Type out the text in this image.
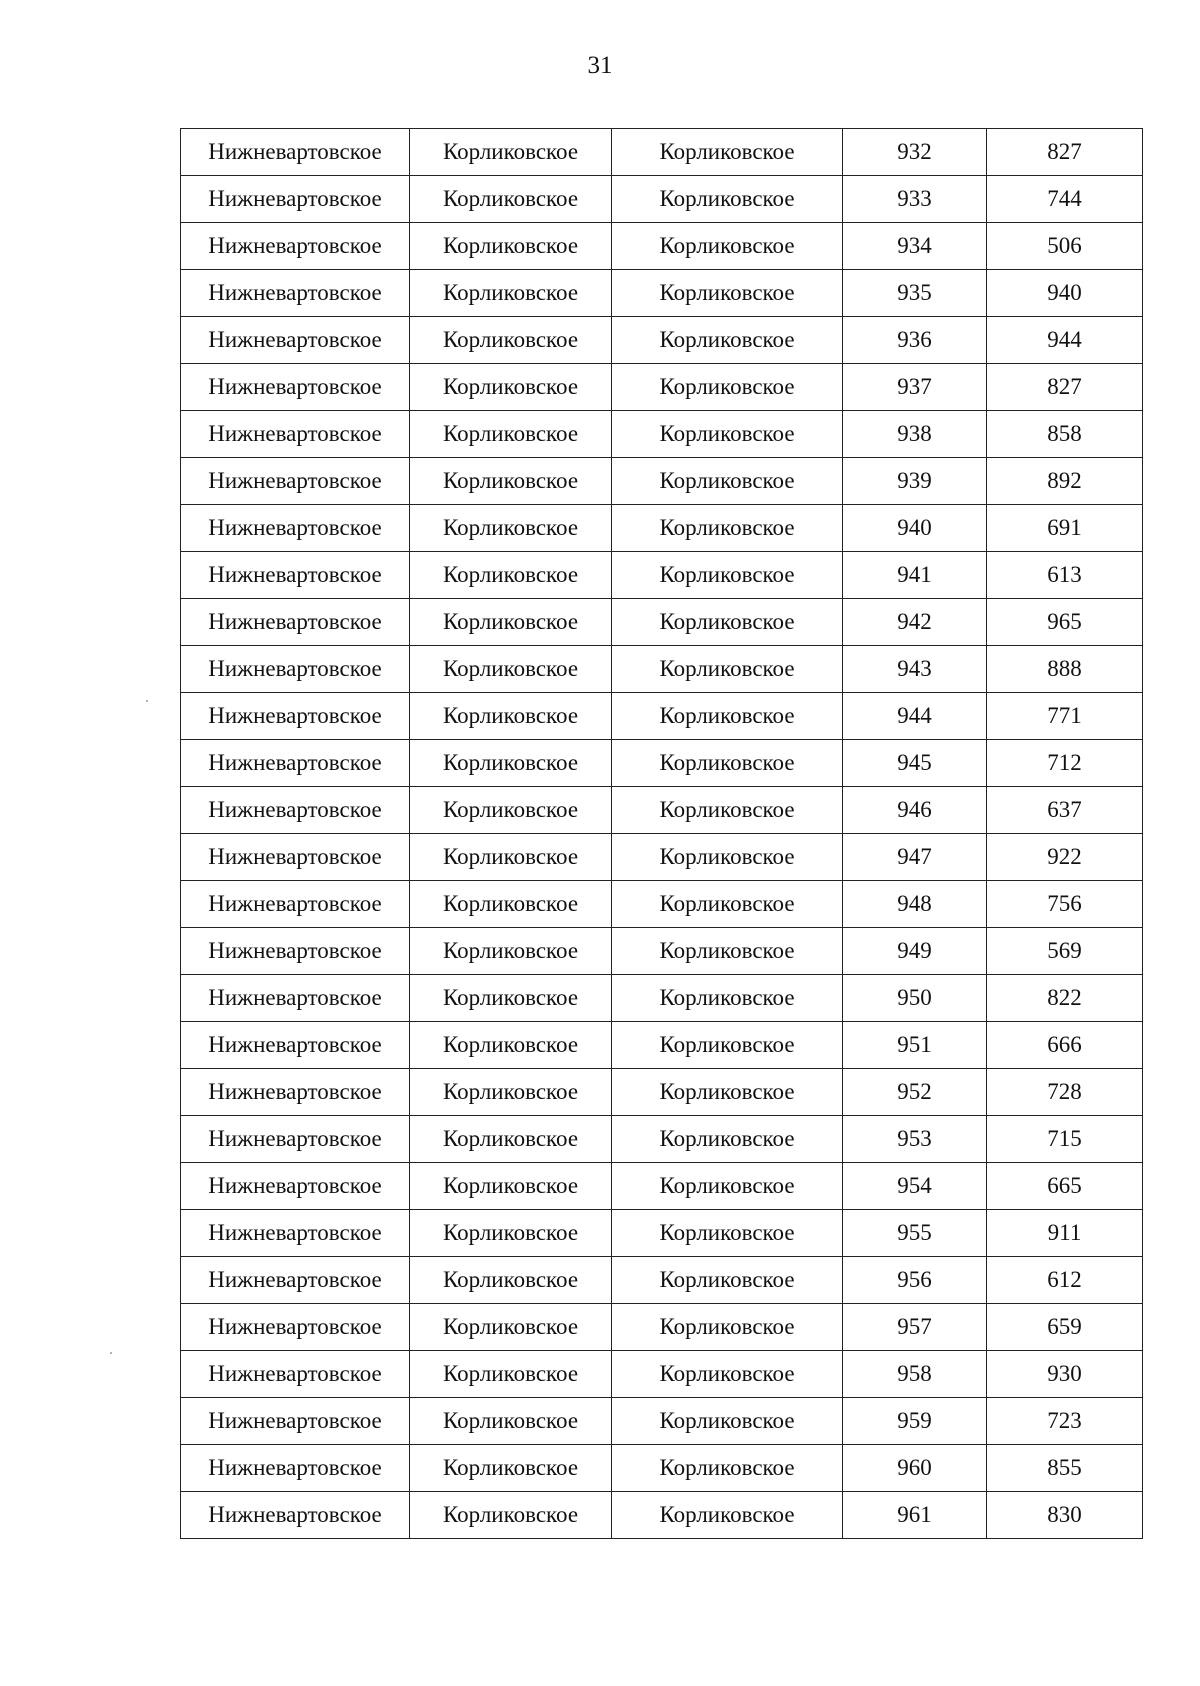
31
Нижневартовское	Корликовское	Корликовское	932	827
Нижневартовское	Корликовское	Корликовское	933	744
Нижневартовское	Корликовское	Корликовское	934	506
Нижневартовское	Корликовское	Корликовское	935	940
Нижневартовское	Корликовское	Корликовское	936	944
Нижневартовское	Корликовское	Корликовское	937	827
Нижневартовское	Корликовское	Корликовское	938	858
Нижневартовское	Корликовское	Корликовское	939	892
Нижневартовское	Корликовское	Корликовское	940	691
Нижневартовское	Корликовское	Корликовское	941	613
Нижневартовское	Корликовское	Корликовское	942	965
Нижневартовское	Корликовское	Корликовское	943	888
Нижневартовское	Корликовское	Корликовское	944	771
Нижневартовское	Корликовское	Корликовское	945	712
Нижневартовское	Корликовское	Корликовское	946	637
Нижневартовское	Корликовское	Корликовское	947	922
Нижневартовское	Корликовское	Корликовское	948	756
Нижневартовское	Корликовское	Корликовское	949	569
Нижневартовское	Корликовское	Корликовское	950	822
Нижневартовское	Корликовское	Корликовское	951	666
Нижневартовское	Корликовское	Корликовское	952	728
Нижневартовское	Корликовское	Корликовское	953	715
Нижневартовское	Корликовское	Корликовское	954	665
Нижневартовское	Корликовское	Корликовское	955	911
Нижневартовское	Корликовское	Корликовское	956	612
Нижневартовское	Корликовское	Корликовское	957	659
Нижневартовское	Корликовское	Корликовское	958	930
Нижневартовское	Корликовское	Корликовское	959	723
Нижневартовское	Корликовское	Корликовское	960	855
Нижневартовское	Корликовское	Корликовское	961	830
